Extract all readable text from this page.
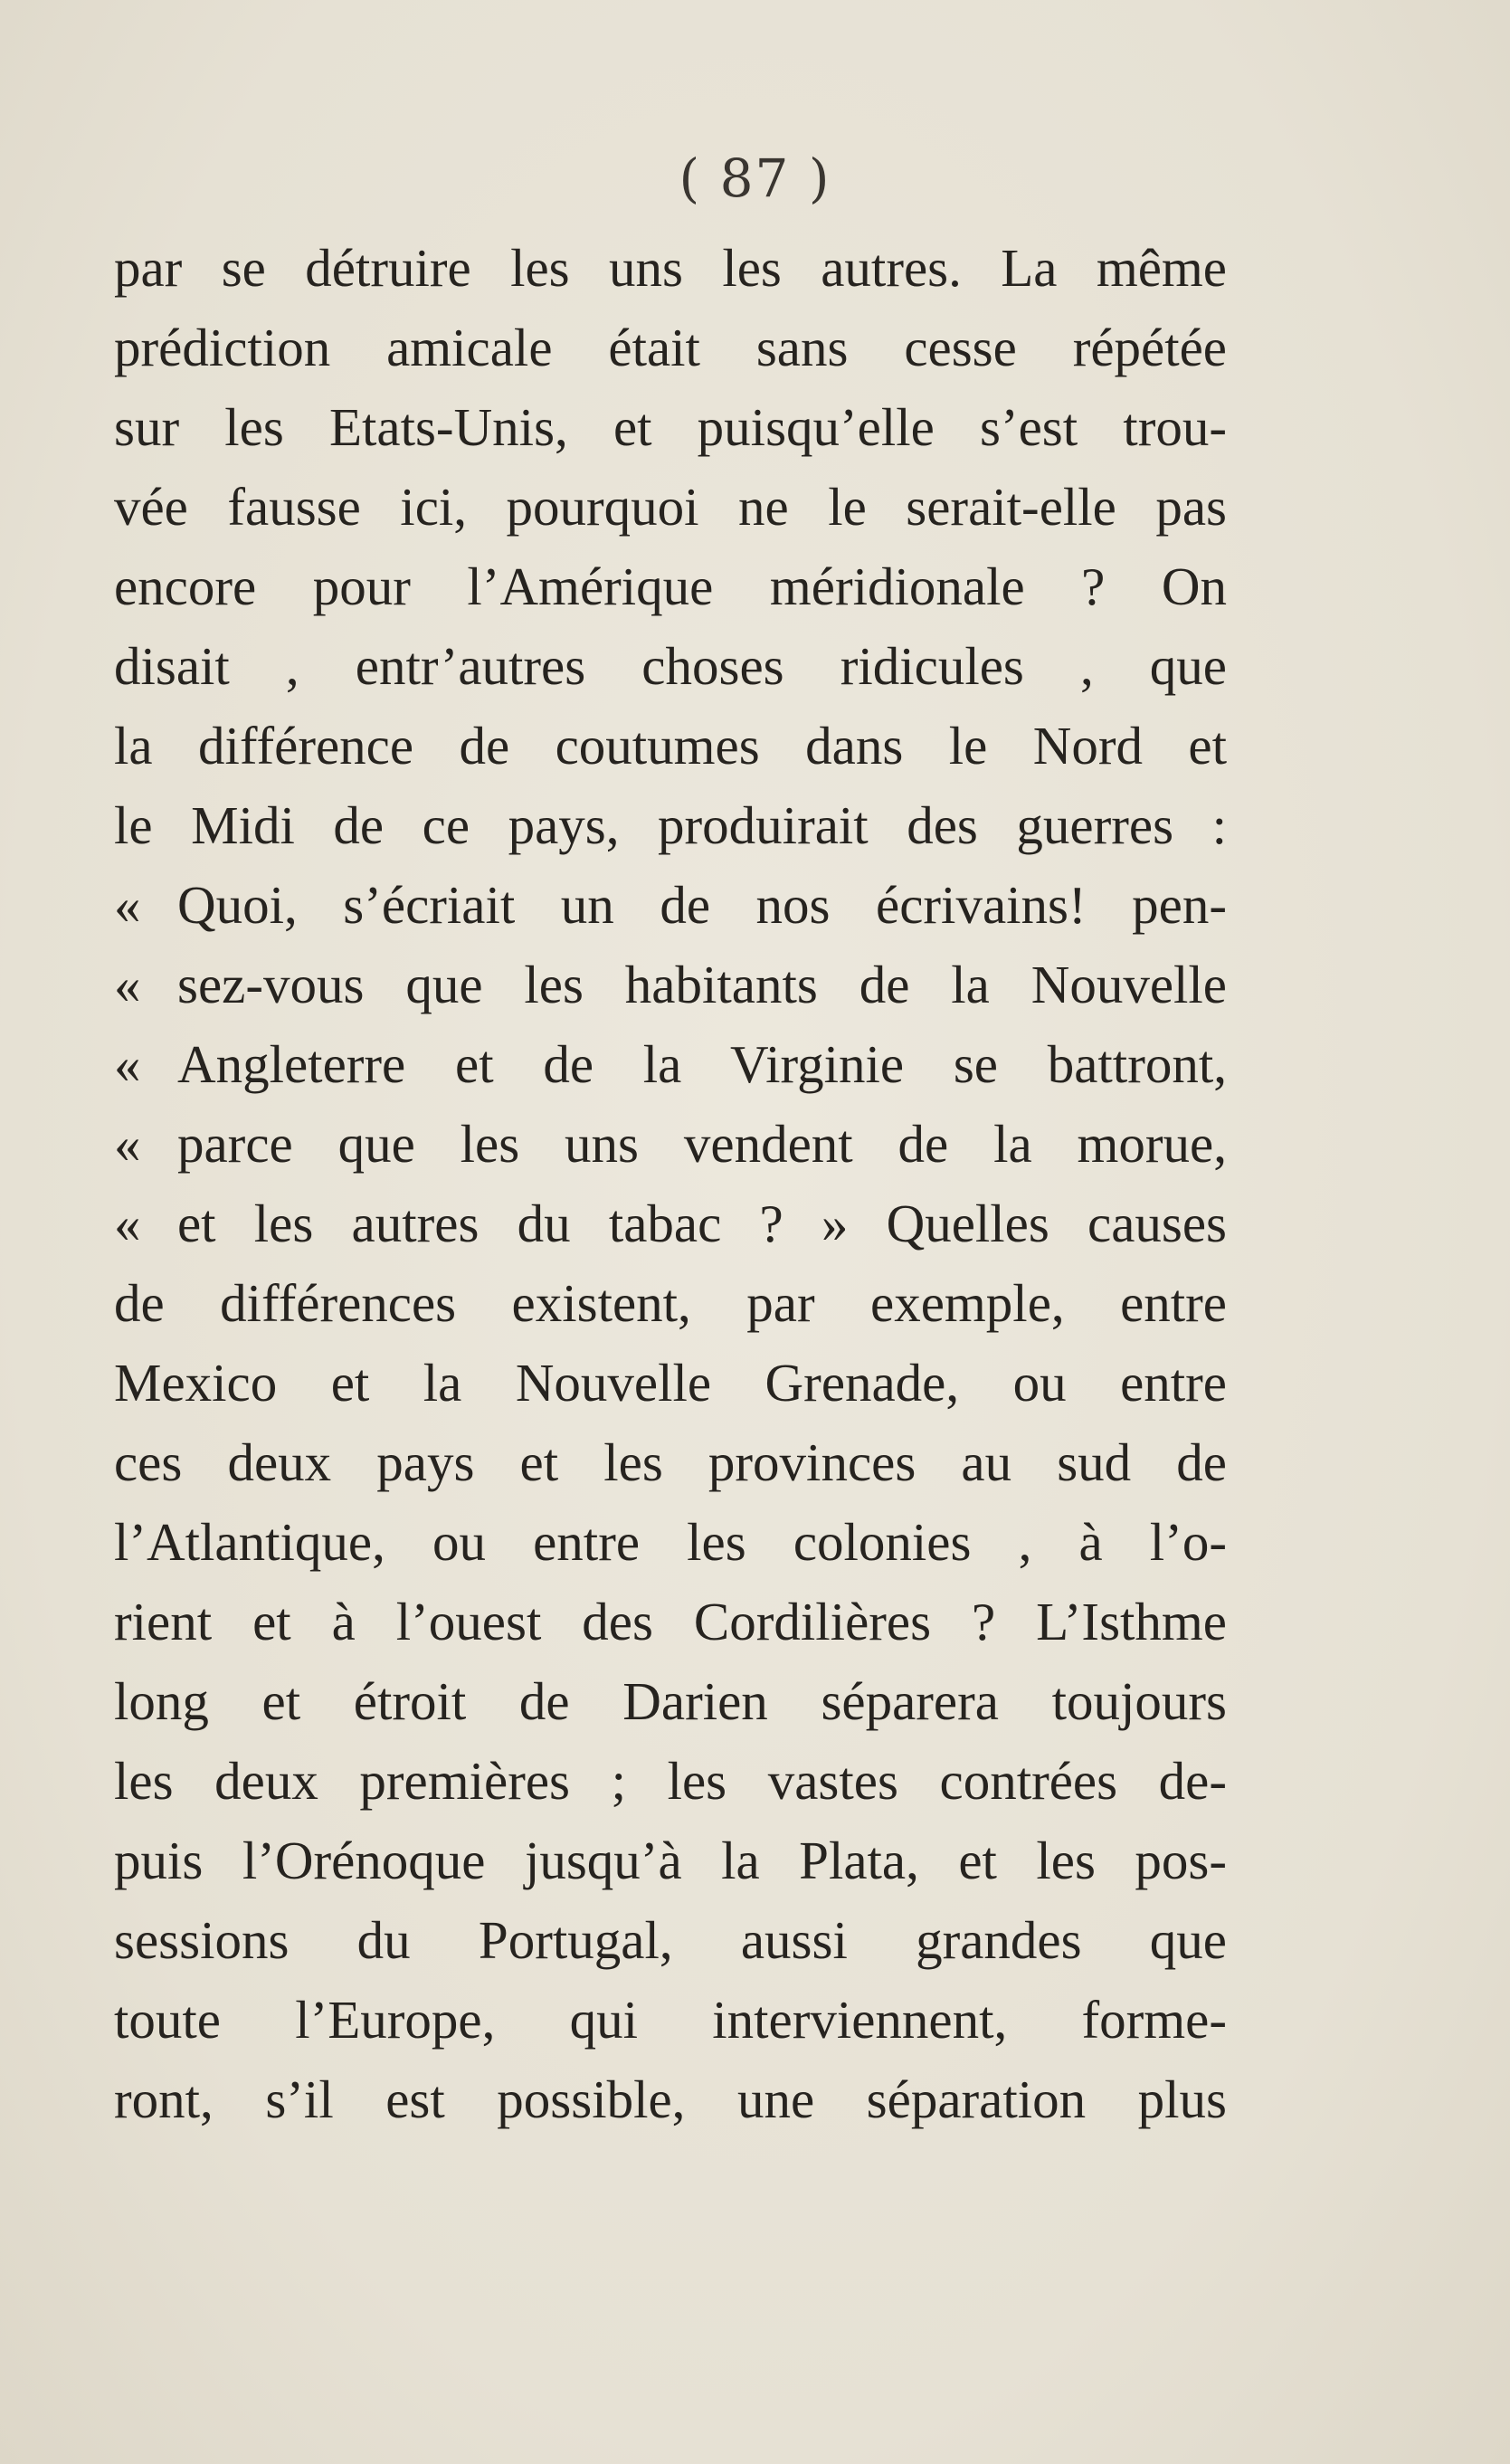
( 87 )
par se détruire les uns les autres. La même
prédiction amicale était sans cesse répétée
sur les Etats-Unis, et puisqu’elle s’est trou-
vée fausse ici, pourquoi ne le serait-elle pas
encore pour l’Amérique méridionale ? On
disait , entr’autres choses ridicules , que
la différence de coutumes dans le Nord et
le Midi de ce pays, produirait des guerres :
« Quoi, s’écriait un de nos écrivains! pen-
« sez-vous que les habitants de la Nouvelle
« Angleterre et de la Virginie se battront,
« parce que les uns vendent de la morue,
« et les autres du tabac ? » Quelles causes
de différences existent, par exemple, entre
Mexico et la Nouvelle Grenade, ou entre
ces deux pays et les provinces au sud de
l’Atlantique, ou entre les colonies , à l’o-
rient et à l’ouest des Cordilières ? L’Isthme
long et étroit de Darien séparera toujours
les deux premières ; les vastes contrées de-
puis l’Orénoque jusqu’à la Plata, et les pos-
sessions du Portugal, aussi grandes que
toute l’Europe, qui interviennent, forme-
ront, s’il est possible, une séparation plus
